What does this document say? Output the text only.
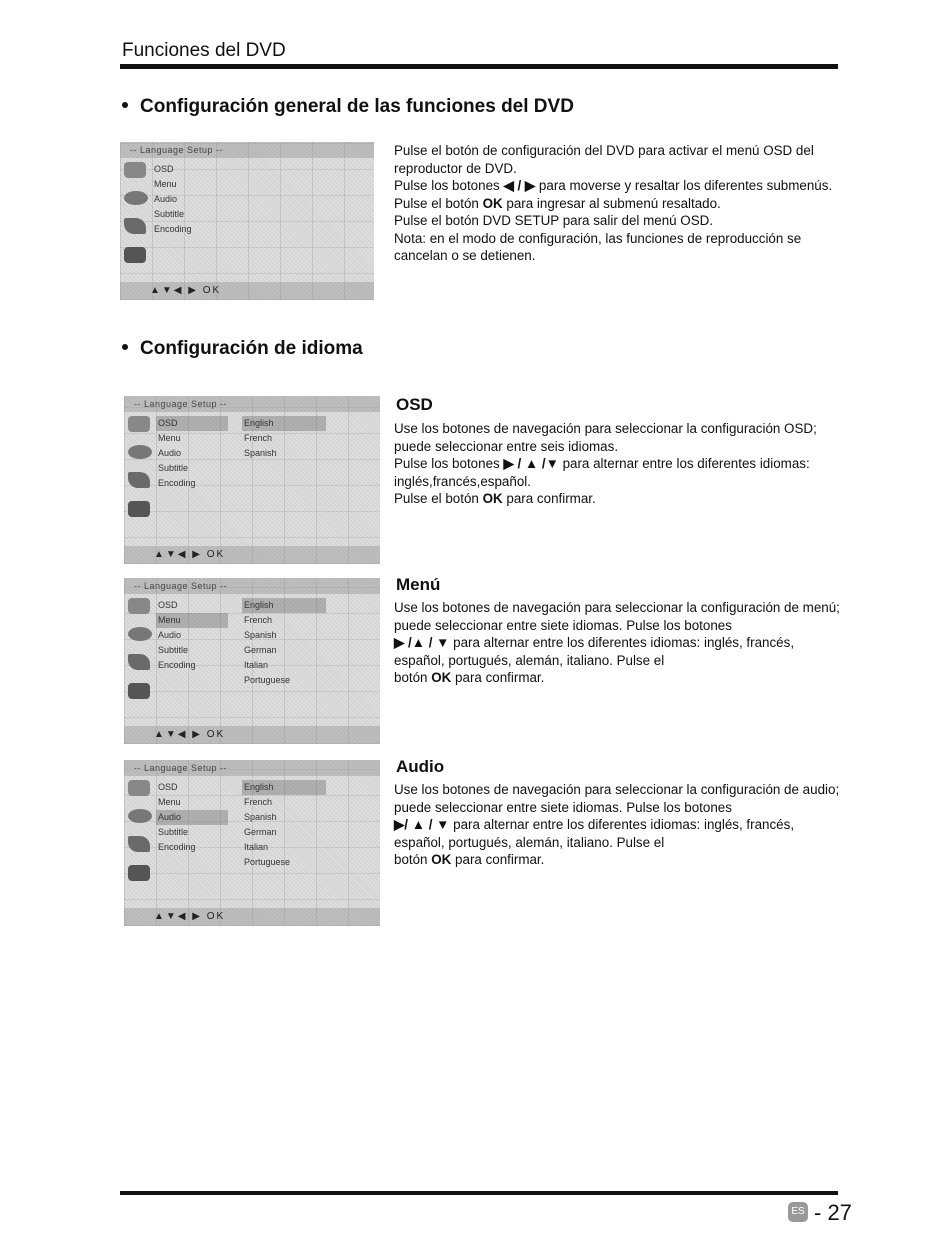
Funciones del DVD
Configuración general de las funciones del DVD
-- Language Setup --
OSD
Menu
Audio
Subtitle
Encoding
▲▼◀ ▶ OK

Pulse el botón de configuración del DVD para activar el menú OSD del reproductor de DVD.

Pulse los botones ◀ / ▶ para moverse y resaltar los diferentes submenús.

Pulse el botón OK para ingresar al submenú resaltado.

Pulse el botón DVD SETUP para salir del menú OSD.

Nota: en el modo de configuración, las funciones de reproducción se cancelan o se detienen.

Configuración de idioma
-- Language Setup --
OSD
Menu
Audio
Subtitle
Encoding
English
French
Spanish
▲▼◀ ▶ OK
OSD

Use los botones de navegación para seleccionar la configuración OSD; puede seleccionar entre seis idiomas.

Pulse los botones ▶ / ▲ /▼ para alternar entre los diferentes idiomas: inglés,francés,español.

Pulse el botón OK para confirmar.

-- Language Setup --
OSD
Menu
Audio
Subtitle
Encoding
English
French
Spanish
German
Italian
Portuguese
▲▼◀ ▶ OK
Menú

Use los botones de navegación para seleccionar la configuración de menú; puede seleccionar entre siete idiomas. Pulse los botones

▶ /▲ / ▼ para alternar entre los diferentes idiomas: inglés, francés, español, portugués, alemán, italiano. Pulse el

botón OK para confirmar.

-- Language Setup --
OSD
Menu
Audio
Subtitle
Encoding
English
French
Spanish
German
Italian
Portuguese
▲▼◀ ▶ OK
Audio

Use los botones de navegación para seleccionar la configuración de audio; puede seleccionar entre siete idiomas. Pulse los botones

▶/ ▲ / ▼ para alternar entre los diferentes idiomas: inglés, francés, español, portugués, alemán, italiano. Pulse el

botón OK para confirmar.

ES - 27
